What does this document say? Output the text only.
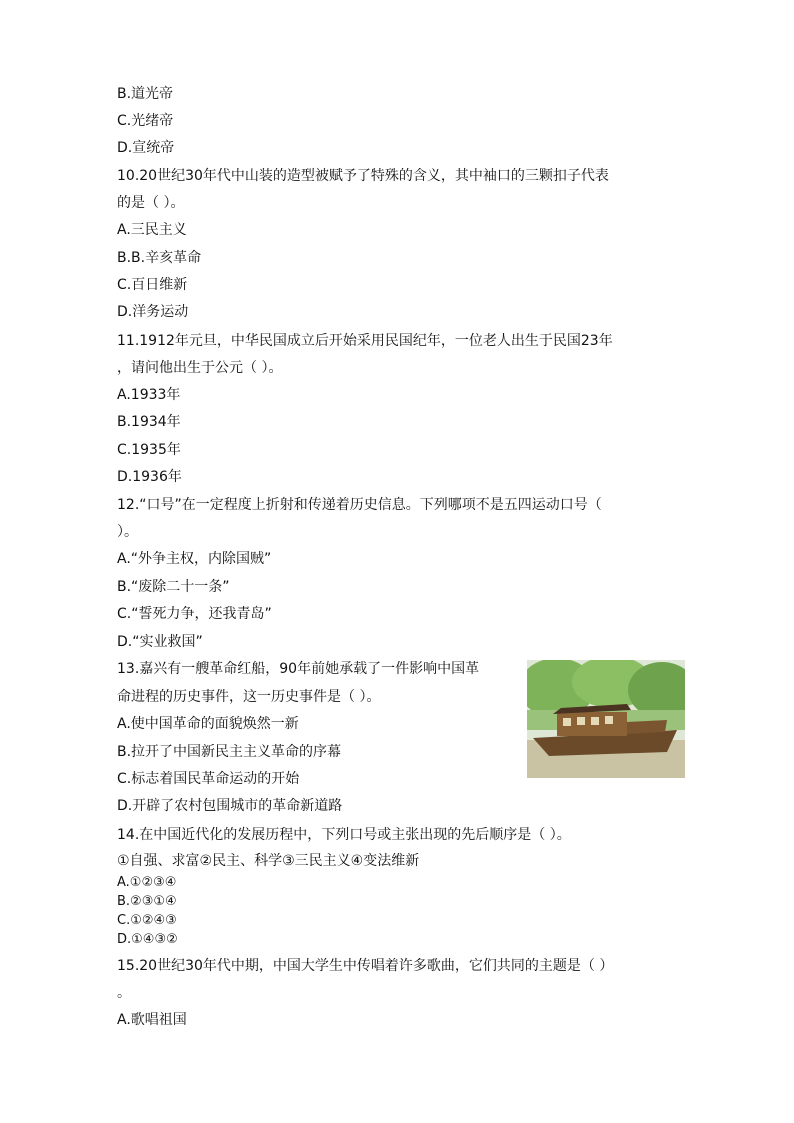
B.道光帝
C.光绪帝
D.宣统帝
10.20世纪30年代中山装的造型被赋予了特殊的含义，其中袖口的三颗扣子代表
的是（ ）。
A.三民主义
B.B.辛亥革命
C.百日维新
D.洋务运动
11.1912年元旦，中华民国成立后开始采用民国纪年，一位老人出生于民国23年
，请问他出生于公元（ ）。
A.1933年
B.1934年
C.1935年
D.1936年
12.“口号”在一定程度上折射和传递着历史信息。下列哪项不是五四运动口号（
）。
A.“外争主权，内除国贼”
B.“废除二十一条”
C.“誓死力争，还我青岛”
D.“实业救国”
13.嘉兴有一艘革命红船，90年前她承载了一件影响中国革
命进程的历史事件，这一历史事件是（ ）。
A.使中国革命的面貌焕然一新
B.拉开了中国新民主主义革命的序幕
C.标志着国民革命运动的开始
D.开辟了农村包围城市的革命新道路
14.在中国近代化的发展历程中，下列口号或主张出现的先后顺序是（ ）。
①自强、求富②民主、科学③三民主义④变法维新
A.①②③④
B.②③①④
C.①②④③
D.①④③②
15.20世纪30年代中期，中国大学生中传唱着许多歌曲，它们共同的主题是（ ）
。
A.歌唱祖国
